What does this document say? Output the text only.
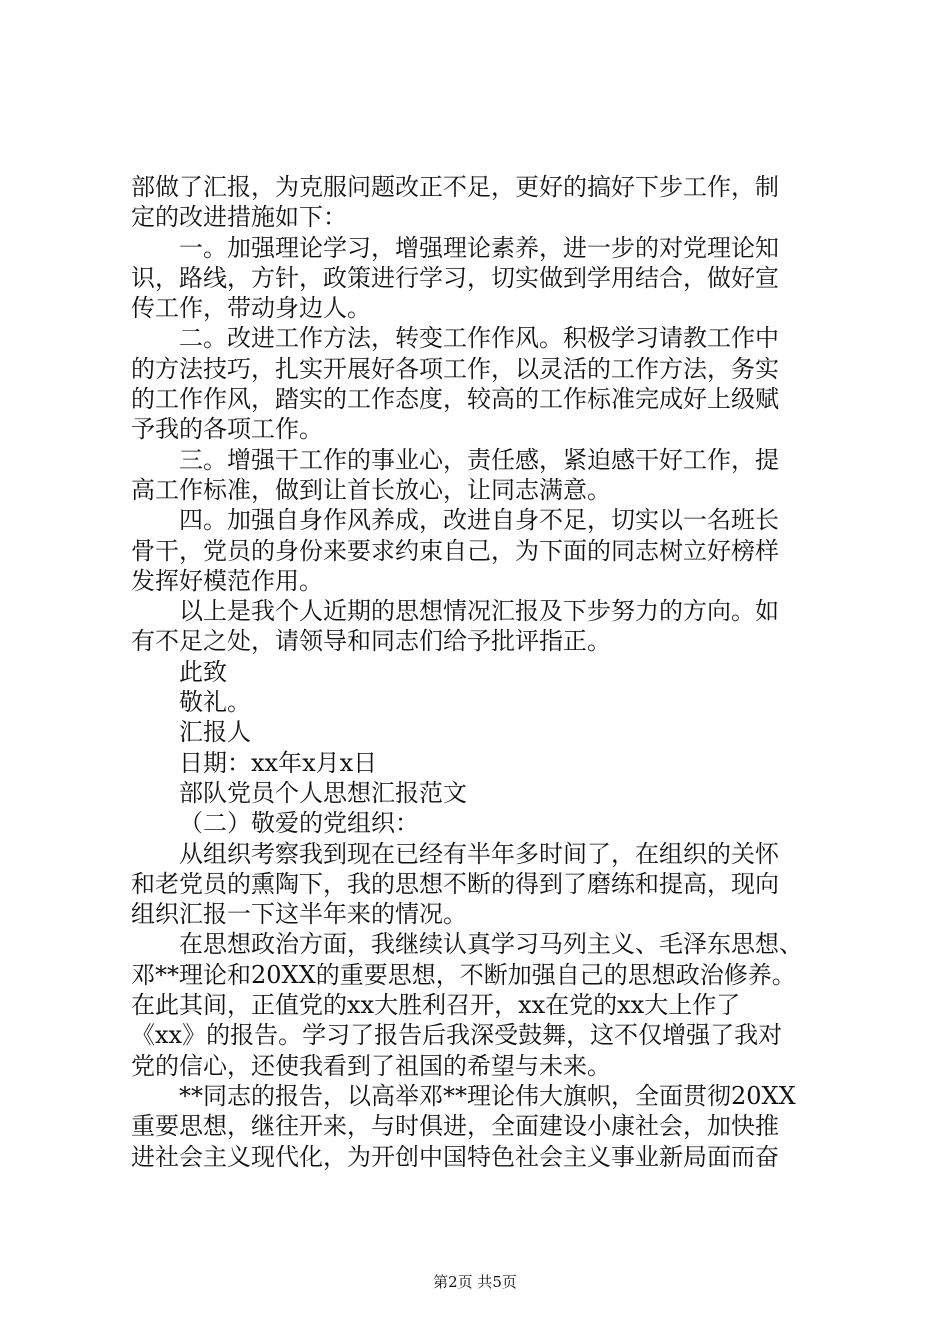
部做了汇报，为克服问题改正不足，更好的搞好下步工作，制
定的改进措施如下：
一。加强理论学习，增强理论素养，进一步的对党理论知
识，路线，方针，政策进行学习，切实做到学用结合，做好宣
传工作，带动身边人。
二。改进工作方法，转变工作作风。积极学习请教工作中
的方法技巧，扎实开展好各项工作，以灵活的工作方法，务实
的工作作风，踏实的工作态度，较高的工作标准完成好上级赋
予我的各项工作。
三。增强干工作的事业心，责任感，紧迫感干好工作，提
高工作标准，做到让首长放心，让同志满意。
四。加强自身作风养成，改进自身不足，切实以一名班长
骨干，党员的身份来要求约束自己，为下面的同志树立好榜样
发挥好模范作用。
以上是我个人近期的思想情况汇报及下步努力的方向。如
有不足之处，请领导和同志们给予批评指正。
此致
敬礼。
汇报人
日期：xx年x月x日
部队党员个人思想汇报范文
（二）敬爱的党组织：
从组织考察我到现在已经有半年多时间了，在组织的关怀
和老党员的熏陶下，我的思想不断的得到了磨练和提高，现向
组织汇报一下这半年来的情况。
在思想政治方面，我继续认真学习马列主义、毛泽东思想、
邓**理论和20XX的重要思想，不断加强自己的思想政治修养。
在此其间，正值党的xx大胜利召开，xx在党的xx大上作了
《xx》的报告。学习了报告后我深受鼓舞，这不仅增强了我对
党的信心，还使我看到了祖国的希望与未来。
**同志的报告，以高举邓**理论伟大旗帜，全面贯彻20XX
重要思想，继往开来，与时俱进，全面建设小康社会，加快推
进社会主义现代化，为开创中国特色社会主义事业新局面而奋
第2页 共5页
